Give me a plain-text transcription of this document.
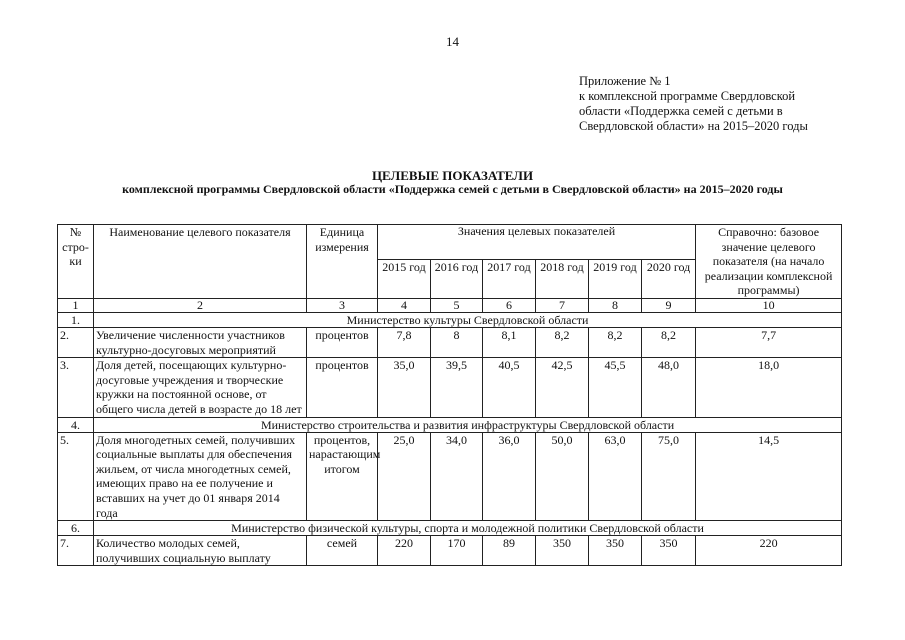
14
Приложение № 1
к комплексной программе Свердловской
области «Поддержка семей с детьми в
Свердловской области» на 2015–2020 годы
ЦЕЛЕВЫЕ ПОКАЗАТЕЛИ
комплексной программы Свердловской области «Поддержка семей с детьми в Свердловской области» на 2015–2020 годы
№ стро-ки	Наименование целевого показателя	Единица измерения	Значения целевых показателей						Справочно: базовое значение целевого показателя (на начало реализации комплексной программы)
			2015 год	2016 год	2017 год	2018 год	2019 год	2020 год	
1	2	3	4	5	6	7	8	9	10
1.	Министерство культуры Свердловской области								
2.	Увеличение численности участников культурно-досуговых мероприятий	процентов	7,8	8	8,1	8,2	8,2	8,2	7,7
3.	Доля детей, посещающих культурно-досуговые учреждения и творческие кружки на постоянной основе, от общего числа детей в возрасте до 18 лет	процентов	35,0	39,5	40,5	42,5	45,5	48,0	18,0
4.	Министерство строительства и развития инфраструктуры Свердловской области								
5.	Доля многодетных семей, получивших социальные выплаты для обеспечения жильем, от числа многодетных семей, имеющих право на ее получение и вставших на учет до 01 января 2014 года	процентов, нарастающим итогом	25,0	34,0	36,0	50,0	63,0	75,0	14,5
6.	Министерство физической культуры, спорта и молодежной политики Свердловской области								
7.	Количество молодых семей, получивших социальную выплату	семей	220	170	89	350	350	350	220
